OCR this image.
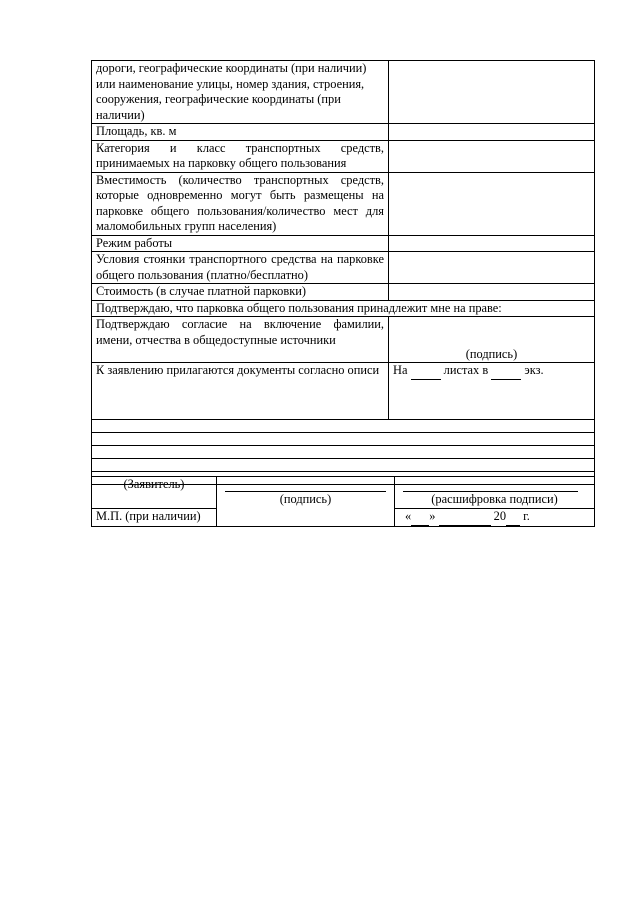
дороги, географические координаты (при наличии) или наименование улицы, номер здания, строения, сооружения, географические координаты (при наличии)	
Площадь, кв. м	
Категория и класс транспортных средств, принимаемых на парковку общего пользования	
Вместимость (количество транспортных средств, которые одновременно могут быть размещены на парковке общего пользования/количество мест для маломобильных групп населения)	
Режим работы	
Условия стоянки транспортного средства на парковке общего пользования (платно/бесплатно)	
Стоимость (в случае платной парковки)	
Подтверждаю, что парковка общего пользования принадлежит мне на праве:	
Подтверждаю согласие на включение фамилии, имени, отчества в общедоступные источники	(подпись)

К заявлению прилагаются документы согласно описи	На листах в экз.

(Заявитель)	(подпись)	(расшифровка подписи)

М.П. (при наличии)		« » 20 г.
